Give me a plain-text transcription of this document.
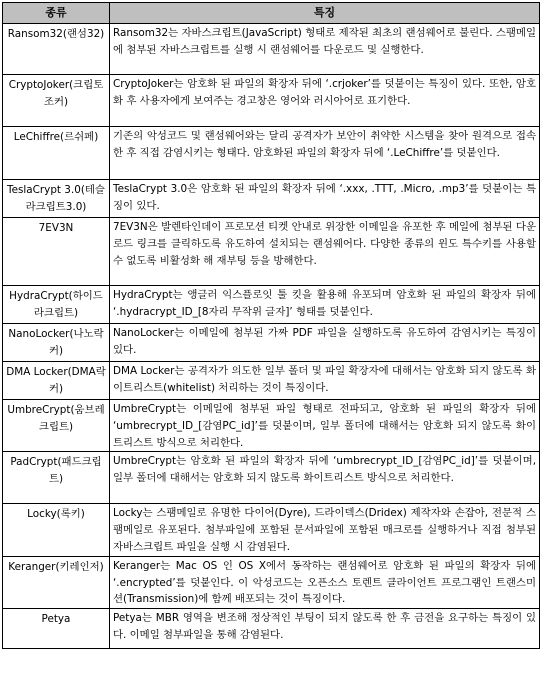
종류	특징
Ransom32(랜섬32)	Ransom32는 자바스크립트(JavaScript) 형태로 제작된 최초의 랜섬웨어로 불린다. 스팸메일에 첨부된 자바스크립트를 실행 시 랜섬웨어를 다운로드 및 실행한다.
CryptoJoker(크립토조커)	CryptoJoker는 암호화 된 파일의 확장자 뒤에 ‘.crjoker’를 덧붙이는 특징이 있다. 또한, 암호화 후 사용자에게 보여주는 경고창은 영어와 러시아어로 표기한다.
LeChiffre(르쉬페)	기존의 악성코드 및 랜섬웨어와는 달리 공격자가 보안이 취약한 시스템을 찾아 원격으로 접속한 후 직접 감염시키는 형태다. 암호화된 파일의 확장자 뒤에 ‘.LeChiffre’를 덧붙인다.
TeslaCrypt 3.0(테슬라크립트3.0)	TeslaCrypt 3.0은 암호화 된 파일의 확장자 뒤에 ‘.xxx, .TTT, .Micro, .mp3’를 덧붙이는 특징이 있다.
7EV3N	7EV3N은 발렌타인데이 프로모션 티켓 안내로 위장한 이메일을 유포한 후 메일에 첨부된 다운로드 링크를 클릭하도록 유도하여 설치되는 랜섬웨어다. 다양한 종류의 윈도 특수키를 사용할 수 없도록 비활성화 해 재부팅 등을 방해한다.
HydraCrypt(하이드라크립트)	HydraCrypt는 앵글러 익스플로잇 툴 킷을 활용해 유포되며 암호화 된 파일의 확장자 뒤에 ‘.hydracrypt_ID_[8자리 무작위 글자]’ 형태를 덧붙인다.
NanoLocker(나노락커)	NanoLocker는 이메일에 첨부된 가짜 PDF 파일을 실행하도록 유도하여 감염시키는 특징이 있다.
DMA Locker(DMA락커)	DMA Locker는 공격자가 의도한 일부 폴더 및 파일 확장자에 대해서는 암호화 되지 않도록 화이트리스트(whitelist) 처리하는 것이 특징이다.
UmbreCrypt(움브레크립트)	UmbreCrypt는 이메일에 첨부된 파일 형태로 전파되고, 암호화 된 파일의 확장자 뒤에 ‘umbrecrypt_ID_[감염PC_id]’를 덧붙이며, 일부 폴더에 대해서는 암호화 되지 않도록 화이트리스트 방식으로 처리한다.
PadCrypt(패드크립트)	UmbreCrypt는 암호화 된 파일의 확장자 뒤에 ‘umbrecrypt_ID_[감염PC_id]’를 덧붙이며, 일부 폴더에 대해서는 암호화 되지 않도록 화이트리스트 방식으로 처리한다.
Locky(록키)	Locky는 스팸메일로 유명한 다이어(Dyre), 드라이덱스(Dridex) 제작자와 손잡아, 전문적 스팸메일로 유포된다. 첨부파일에 포함된 문서파일에 포함된 매크로를 실행하거나 직접 첨부된 자바스크립트 파일을 실행 시 감염된다.
Keranger(키레인저)	Keranger는 Mac OS 인 OS X에서 동작하는 랜섬웨어로 암호화 된 파일의 확장자 뒤에 ‘.encrypted’를 덧붙인다. 이 악성코드는 오픈소스 토렌트 클라이언트 프로그램인 트랜스미션(Transmission)에 함께 배포되는 것이 특징이다.
Petya	Petya는 MBR 영역을 변조해 정상적인 부팅이 되지 않도록 한 후 금전을 요구하는 특징이 있다. 이메일 첨부파일을 통해 감염된다.
